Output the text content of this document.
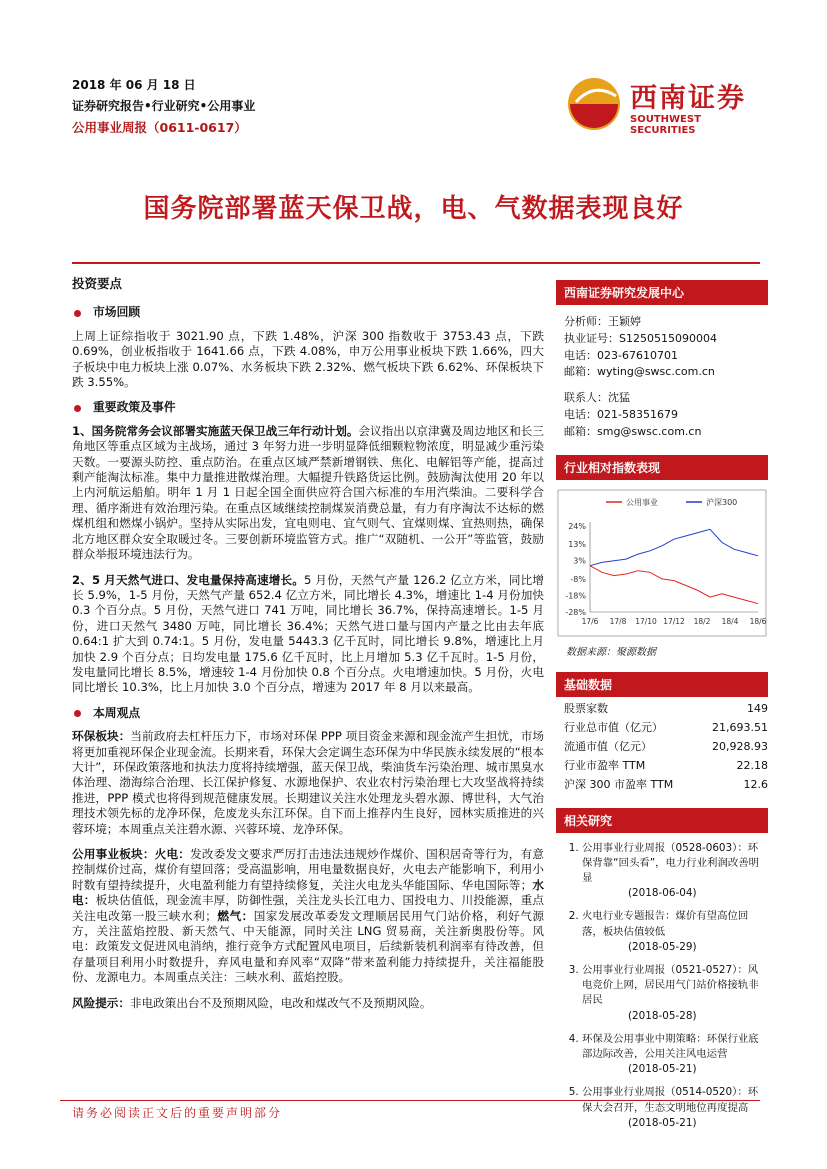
2018 年 06 月 18 日
证券研究报告•行业研究•公用事业
公用事业周报（0611-0617）
西南证券
SOUTHWEST SECURITIES
国务院部署蓝天保卫战，电、气数据表现良好
投资要点
市场回顾
上周上证综指收于 3021.90 点，下跌 1.48%，沪深 300 指数收于 3753.43 点，下跌 0.69%，创业板指收于 1641.66 点，下跌 4.08%，申万公用事业板块下跌 1.66%，四大子板块中电力板块上涨 0.07%、水务板块下跌 2.32%、燃气板块下跌 6.62%、环保板块下跌 3.55%。
重要政策及事件
1、国务院常务会议部署实施蓝天保卫战三年行动计划。会议指出以京津冀及周边地区和长三角地区等重点区域为主战场，通过 3 年努力进一步明显降低细颗粒物浓度，明显减少重污染天数。一要源头防控、重点防治。在重点区域严禁新增钢铁、焦化、电解铝等产能，提高过剩产能淘汰标准。集中力量推进散煤治理。大幅提升铁路货运比例。鼓励淘汰使用 20 年以上内河航运船舶。明年 1 月 1 日起全国全面供应符合国六标准的车用汽柴油。二要科学合理、循序渐进有效治理污染。在重点区域继续控制煤炭消费总量，有力有序淘汰不达标的燃煤机组和燃煤小锅炉。坚持从实际出发，宜电则电、宜气则气、宜煤则煤、宜热则热，确保北方地区群众安全取暖过冬。三要创新环境监管方式。推广“双随机、一公开”等监管，鼓励群众举报环境违法行为。
2、5 月天然气进口、发电量保持高速增长。5 月份，天然气产量 126.2 亿立方米，同比增长 5.9%，1-5 月份，天然气产量 652.4 亿立方米，同比增长 4.3%，增速比 1-4 月份加快 0.3 个百分点。5 月份，天然气进口 741 万吨，同比增长 36.7%，保持高速增长。1-5 月份，进口天然气 3480 万吨，同比增长 36.4%；天然气进口量与国内产量之比由去年底 0.64:1 扩大到 0.74:1。5 月份，发电量 5443.3 亿千瓦时，同比增长 9.8%，增速比上月加快 2.9 个百分点；日均发电量 175.6 亿千瓦时，比上月增加 5.3 亿千瓦时。1-5 月份，发电量同比增长 8.5%，增速较 1-4 月份加快 0.8 个百分点。火电增速加快。5 月份，火电同比增长 10.3%，比上月加快 3.0 个百分点，增速为 2017 年 8 月以来最高。
本周观点
环保板块：当前政府去杠杆压力下，市场对环保 PPP 项目资金来源和现金流产生担忧，市场将更加重视环保企业现金流。长期来看，环保大会定调生态环保为中华民族永续发展的“根本大计”，环保政策落地和执法力度将持续增强，蓝天保卫战，柴油货车污染治理、城市黑臭水体治理、渤海综合治理、长江保护修复、水源地保护、农业农村污染治理七大攻坚战将持续推进，PPP 模式也将得到规范健康发展。长期建议关注水处理龙头碧水源、博世科，大气治理技术领先标的龙净环保，危废龙头东江环保。自下而上推荐内生良好，园林实质推进的兴蓉环境；本周重点关注碧水源、兴蓉环境、龙净环保。
公用事业板块：火电：发改委发文要求严厉打击违法违规炒作煤价、国积居奇等行为，有意控制煤价过高，煤价有望回落；受高温影响，用电量数据良好，火电去产能影响下，利用小时数有望持续提升，火电盈利能力有望持续修复，关注火电龙头华能国际、华电国际等；水电：板块估值低，现金流丰厚，防御性强，关注龙头长江电力、国投电力、川投能源，重点关注电改第一股三峡水利；燃气：国家发展改革委发文理顺居民用气门站价格，利好气源方，关注蓝焰控股、新天然气、中天能源，同时关注 LNG 贸易商，关注新奥股份等。风电：政策发文促进风电消纳，推行竞争方式配置风电项目，后续新装机利润率有待改善，但存量项目利用小时数提升，弃风电量和弃风率“双降”带来盈利能力持续提升，关注福能股份、龙源电力。本周重点关注：三峡水利、蓝焰控股。
风险提示：非电政策出台不及预期风险，电改和煤改气不及预期风险。
西南证券研究发展中心
分析师：王颖婷
执业证号：S1250515090004
电话：023-67610701
邮箱：wyting@swsc.com.cn
联系人：沈猛
电话：021-58351679
邮箱：smg@swsc.com.cn
行业相对指数表现
公用事业	沪深300
24%
13%
3%
-8%
-18%
-28%
17/6 17/8 17/10 17/12 18/2 18/4 18/6
数据来源：聚源数据
基础数据
股票家数	149
行业总市值（亿元）	21,693.51
流通市值（亿元）	20,928.93
行业市盈率 TTM	22.18
沪深 300 市盈率 TTM	12.6
相关研究
1. 公用事业行业周报（0528-0603）：环保背靠“回头看”，电力行业利润改善明显
(2018-06-04)
2. 火电行业专题报告：煤价有望高位回落，板块估值较低
(2018-05-29)
3. 公用事业行业周报（0521-0527）：风电竞价上网，居民用气门站价格接轨非居民
(2018-05-28)
4. 环保及公用事业中期策略：环保行业底部边际改善，公用关注风电运营
(2018-05-21)
5. 公用事业行业周报（0514-0520）：环保大会召开，生态文明地位再度提高
(2018-05-21)
请务必阅读正文后的重要声明部分
